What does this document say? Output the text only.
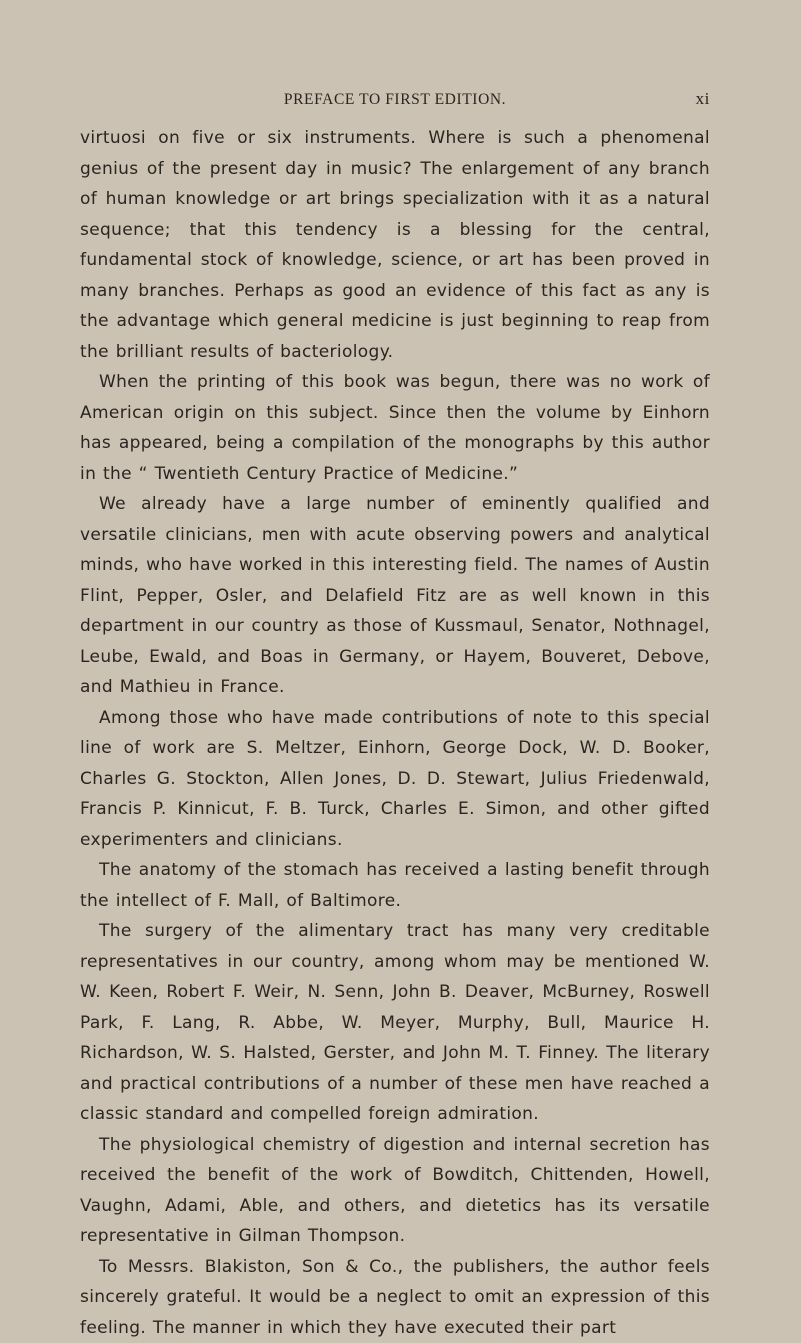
PREFACE TO FIRST EDITION.	xi

virtuosi on five or six instruments. Where is such a phenomenal genius of the present day in music? The enlargement of any branch of human knowledge or art brings specialization with it as a natural sequence; that this tendency is a blessing for the central, fundamental stock of knowledge, science, or art has been proved in many branches. Perhaps as good an evidence of this fact as any is the advantage which general medicine is just beginning to reap from the brilliant results of bacteriology.

When the printing of this book was begun, there was no work of American origin on this subject. Since then the volume by Einhorn has appeared, being a compilation of the monographs by this author in the “ Twentieth Century Practice of Medicine.”

We already have a large number of eminently qualified and versatile clinicians, men with acute observing powers and analytical minds, who have worked in this interesting field. The names of Austin Flint, Pepper, Osler, and Delafield Fitz are as well known in this department in our country as those of Kussmaul, Senator, Nothnagel, Leube, Ewald, and Boas in Germany, or Hayem, Bouveret, Debove, and Mathieu in France.

Among those who have made contributions of note to this special line of work are S. Meltzer, Einhorn, George Dock, W. D. Booker, Charles G. Stockton, Allen Jones, D. D. Stewart, Julius Friedenwald, Francis P. Kinnicut, F. B. Turck, Charles E. Simon, and other gifted experimenters and clinicians.

The anatomy of the stomach has received a lasting benefit through the intellect of F. Mall, of Baltimore.

The surgery of the alimentary tract has many very creditable representatives in our country, among whom may be mentioned W. W. Keen, Robert F. Weir, N. Senn, John B. Deaver, McBurney, Roswell Park, F. Lang, R. Abbe, W. Meyer, Murphy, Bull, Maurice H. Richardson, W. S. Halsted, Gerster, and John M. T. Finney. The literary and practical contributions of a number of these men have reached a classic standard and compelled foreign admiration.

The physiological chemistry of digestion and internal secretion has received the benefit of the work of Bowditch, Chittenden, Howell, Vaughn, Adami, Able, and others, and dietetics has its versatile representative in Gilman Thompson.

To Messrs. Blakiston, Son & Co., the publishers, the author feels sincerely grateful. It would be a neglect to omit an expression of this feeling. The manner in which they have executed their part
